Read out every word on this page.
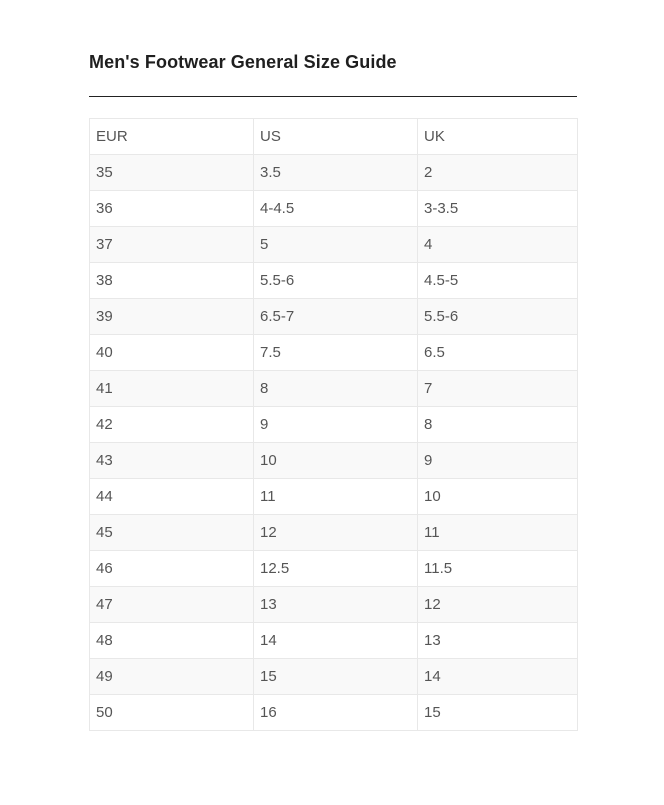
Men's Footwear General Size Guide
EUR	US	UK
35	3.5	2
36	4-4.5	3-3.5
37	5	4
38	5.5-6	4.5-5
39	6.5-7	5.5-6
40	7.5	6.5
41	8	7
42	9	8
43	10	9
44	11	10
45	12	11
46	12.5	11.5
47	13	12
48	14	13
49	15	14
50	16	15
